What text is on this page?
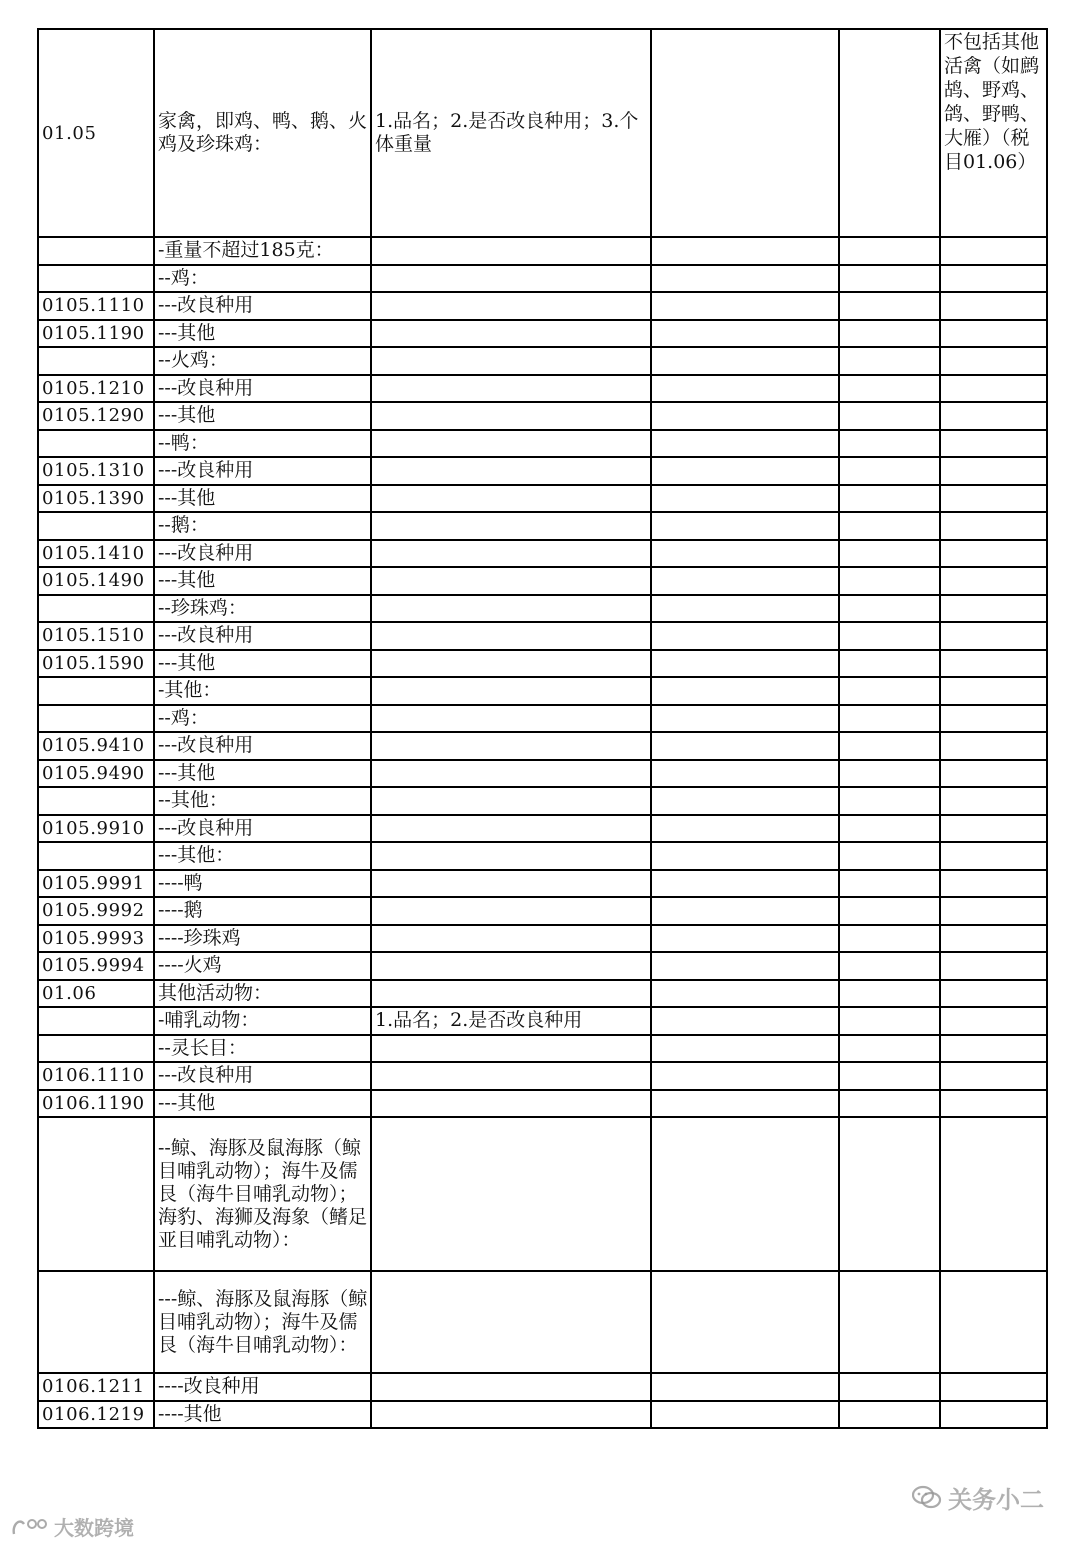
01.05	家禽，即鸡、鸭、鹅、火鸡及珍珠鸡：	1.品名；2.是否改良种用；3.个体重量			不包括其他活禽（如鹧鸪、野鸡、鸽、野鸭、大雁）（税目01.06）
	-重量不超过185克：				
	--鸡：				
0105.1110	---改良种用				
0105.1190	---其他				
	--火鸡：				
0105.1210	---改良种用				
0105.1290	---其他				
	--鸭：				
0105.1310	---改良种用				
0105.1390	---其他				
	--鹅：				
0105.1410	---改良种用				
0105.1490	---其他				
	--珍珠鸡：				
0105.1510	---改良种用				
0105.1590	---其他				
	-其他：				
	--鸡：				
0105.9410	---改良种用				
0105.9490	---其他				
	--其他：				
0105.9910	---改良种用				
	---其他：				
0105.9991	----鸭				
0105.9992	----鹅				
0105.9993	----珍珠鸡				
0105.9994	----火鸡				
01.06	其他活动物：				
	-哺乳动物：	1.品名；2.是否改良种用			
	--灵长目：				
0106.1110	---改良种用				
0106.1190	---其他				
	--鲸、海豚及鼠海豚（鲸目哺乳动物）；海牛及儒艮（海牛目哺乳动物）；海豹、海狮及海象（鳍足亚目哺乳动物）：				
	---鲸、海豚及鼠海豚（鲸目哺乳动物）；海牛及儒艮（海牛目哺乳动物）：				
0106.1211	----改良种用				
0106.1219	----其他				
关务小二
大数跨境
